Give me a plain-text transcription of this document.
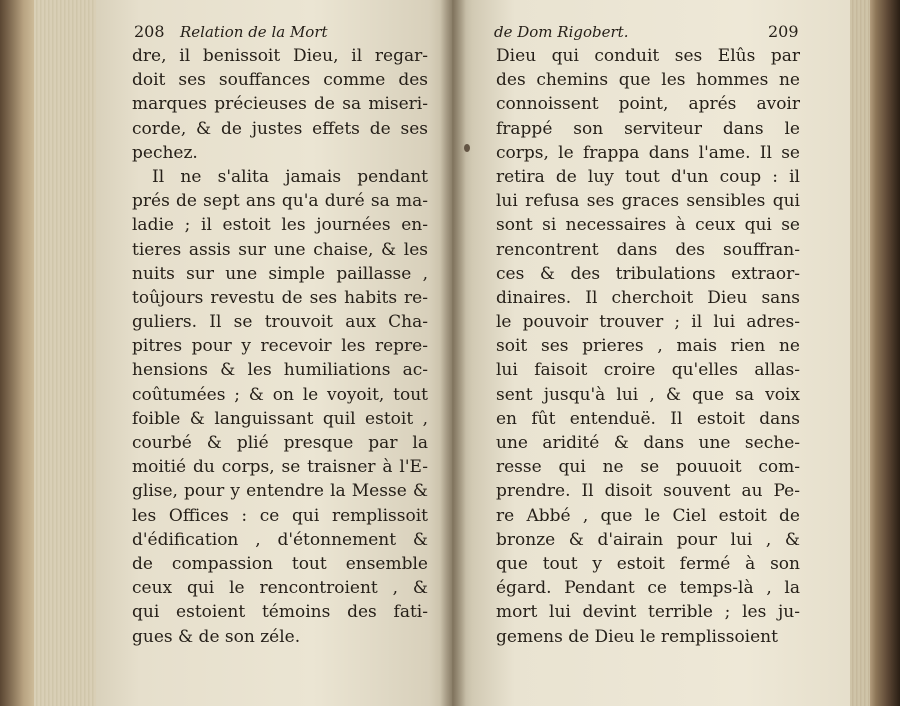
208 Relation de la Mort
dre, il benissoit Dieu, il regar-
doit ses souffances comme des
marques précieuses de sa miseri-
corde, & de justes effets de ses
pechez.
Il ne s'alita jamais pendant
prés de sept ans qu'a duré sa ma-
ladie ; il estoit les journées en-
tieres assis sur une chaise, & les
nuits sur une simple paillasse ,
toûjours revestu de ses habits re-
guliers. Il se trouvoit aux Cha-
pitres pour y recevoir les repre-
hensions & les humiliations ac-
coûtumées ; & on le voyoit, tout
foible & languissant quil estoit ,
courbé & plié presque par la
moitié du corps, se traisner à l'E-
glise, pour y entendre la Messe &
les Offices : ce qui remplissoit
d'édification , d'étonnement &
de compassion tout ensemble
ceux qui le rencontroient , &
qui estoient témoins des fati-
gues & de son zéle.
de Dom Rigobert.	209
Dieu qui conduit ses Elûs par
des chemins que les hommes ne
connoissent point, aprés avoir
frappé son serviteur dans le
corps, le frappa dans l'ame. Il se
retira de luy tout d'un coup : il
lui refusa ses graces sensibles qui
sont si necessaires à ceux qui se
rencontrent dans des souffran-
ces & des tribulations extraor-
dinaires. Il cherchoit Dieu sans
le pouvoir trouver ; il lui adres-
soit ses prieres , mais rien ne
lui faisoit croire qu'elles allas-
sent jusqu'à lui , & que sa voix
en fût entenduë. Il estoit dans
une aridité & dans une seche-
resse qui ne se pouuoit com-
prendre. Il disoit souvent au Pe-
re Abbé , que le Ciel estoit de
bronze & d'airain pour lui , &
que tout y estoit fermé à son
égard. Pendant ce temps-là , la
mort lui devint terrible ; les ju-
gemens de Dieu le remplissoient
